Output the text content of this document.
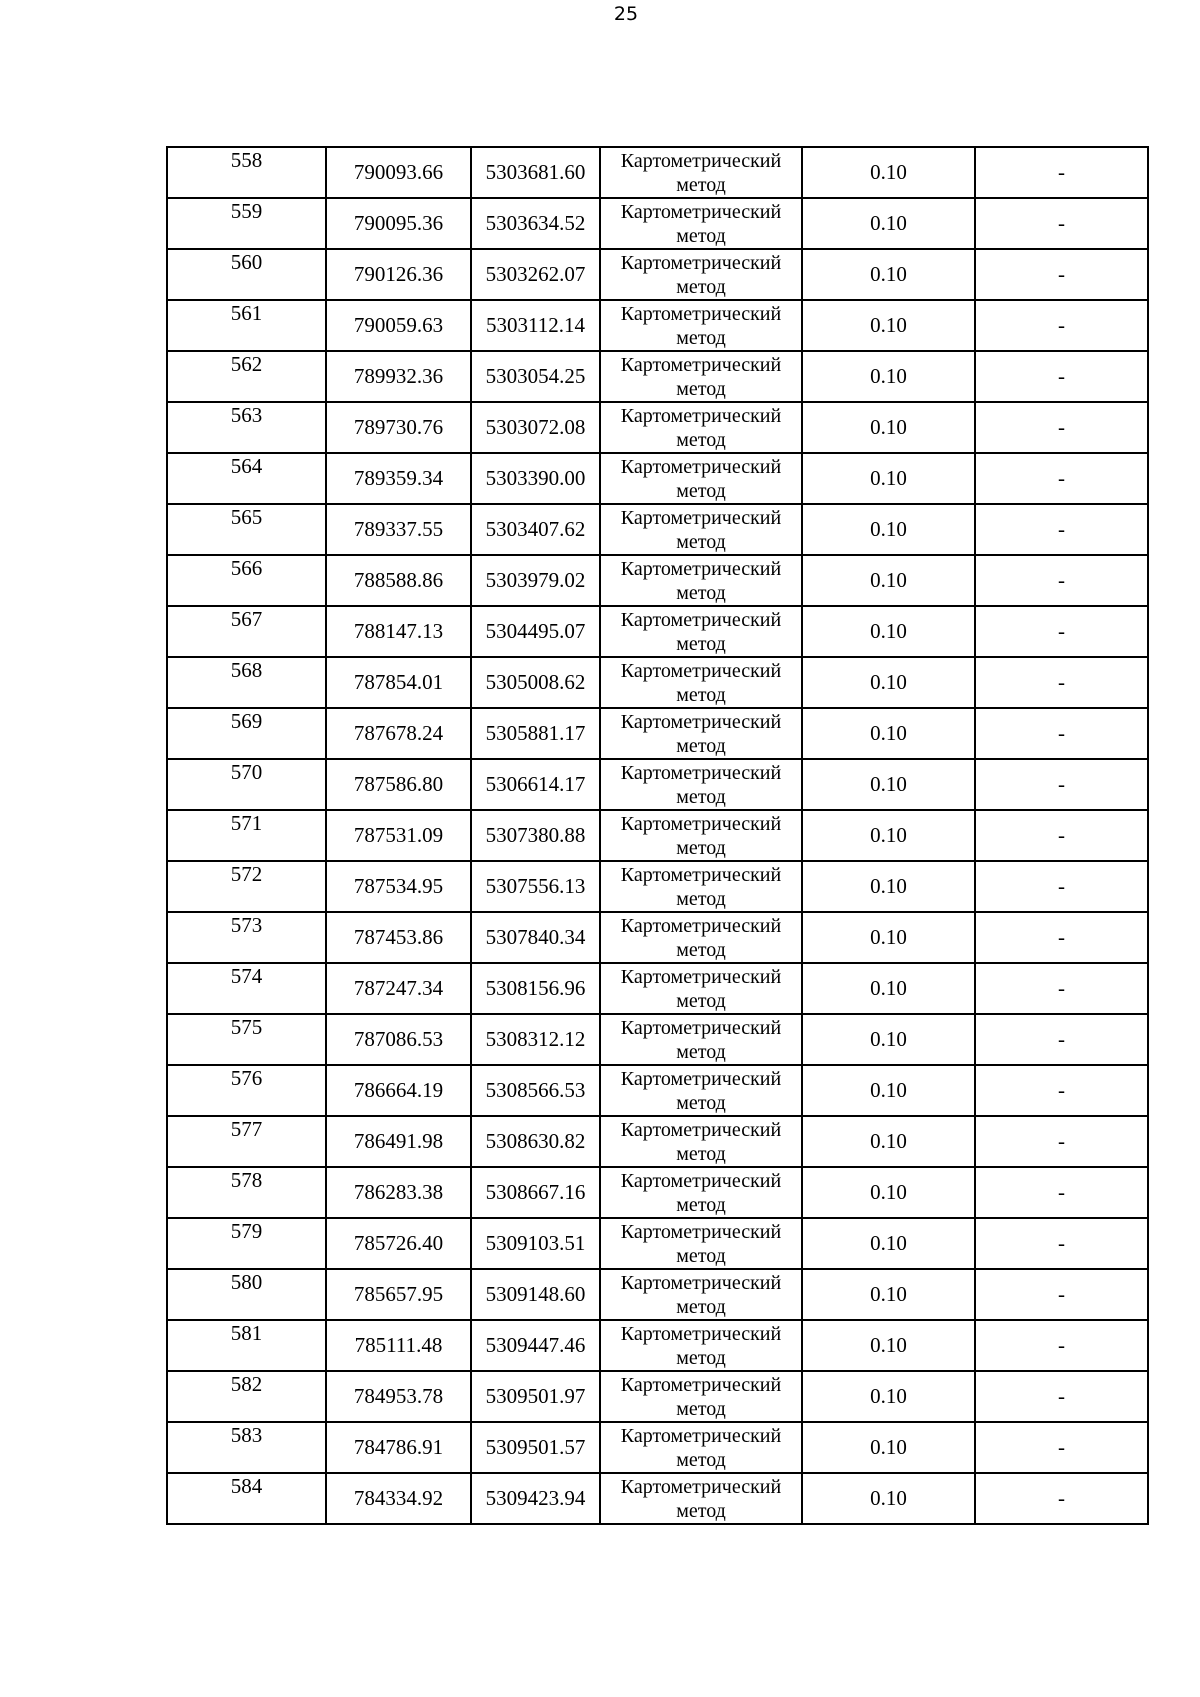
25
558	790093.66	5303681.60	Картометрический метод	0.10	-
559	790095.36	5303634.52	Картометрический метод	0.10	-
560	790126.36	5303262.07	Картометрический метод	0.10	-
561	790059.63	5303112.14	Картометрический метод	0.10	-
562	789932.36	5303054.25	Картометрический метод	0.10	-
563	789730.76	5303072.08	Картометрический метод	0.10	-
564	789359.34	5303390.00	Картометрический метод	0.10	-
565	789337.55	5303407.62	Картометрический метод	0.10	-
566	788588.86	5303979.02	Картометрический метод	0.10	-
567	788147.13	5304495.07	Картометрический метод	0.10	-
568	787854.01	5305008.62	Картометрический метод	0.10	-
569	787678.24	5305881.17	Картометрический метод	0.10	-
570	787586.80	5306614.17	Картометрический метод	0.10	-
571	787531.09	5307380.88	Картометрический метод	0.10	-
572	787534.95	5307556.13	Картометрический метод	0.10	-
573	787453.86	5307840.34	Картометрический метод	0.10	-
574	787247.34	5308156.96	Картометрический метод	0.10	-
575	787086.53	5308312.12	Картометрический метод	0.10	-
576	786664.19	5308566.53	Картометрический метод	0.10	-
577	786491.98	5308630.82	Картометрический метод	0.10	-
578	786283.38	5308667.16	Картометрический метод	0.10	-
579	785726.40	5309103.51	Картометрический метод	0.10	-
580	785657.95	5309148.60	Картометрический метод	0.10	-
581	785111.48	5309447.46	Картометрический метод	0.10	-
582	784953.78	5309501.97	Картометрический метод	0.10	-
583	784786.91	5309501.57	Картометрический метод	0.10	-
584	784334.92	5309423.94	Картометрический метод	0.10	-
